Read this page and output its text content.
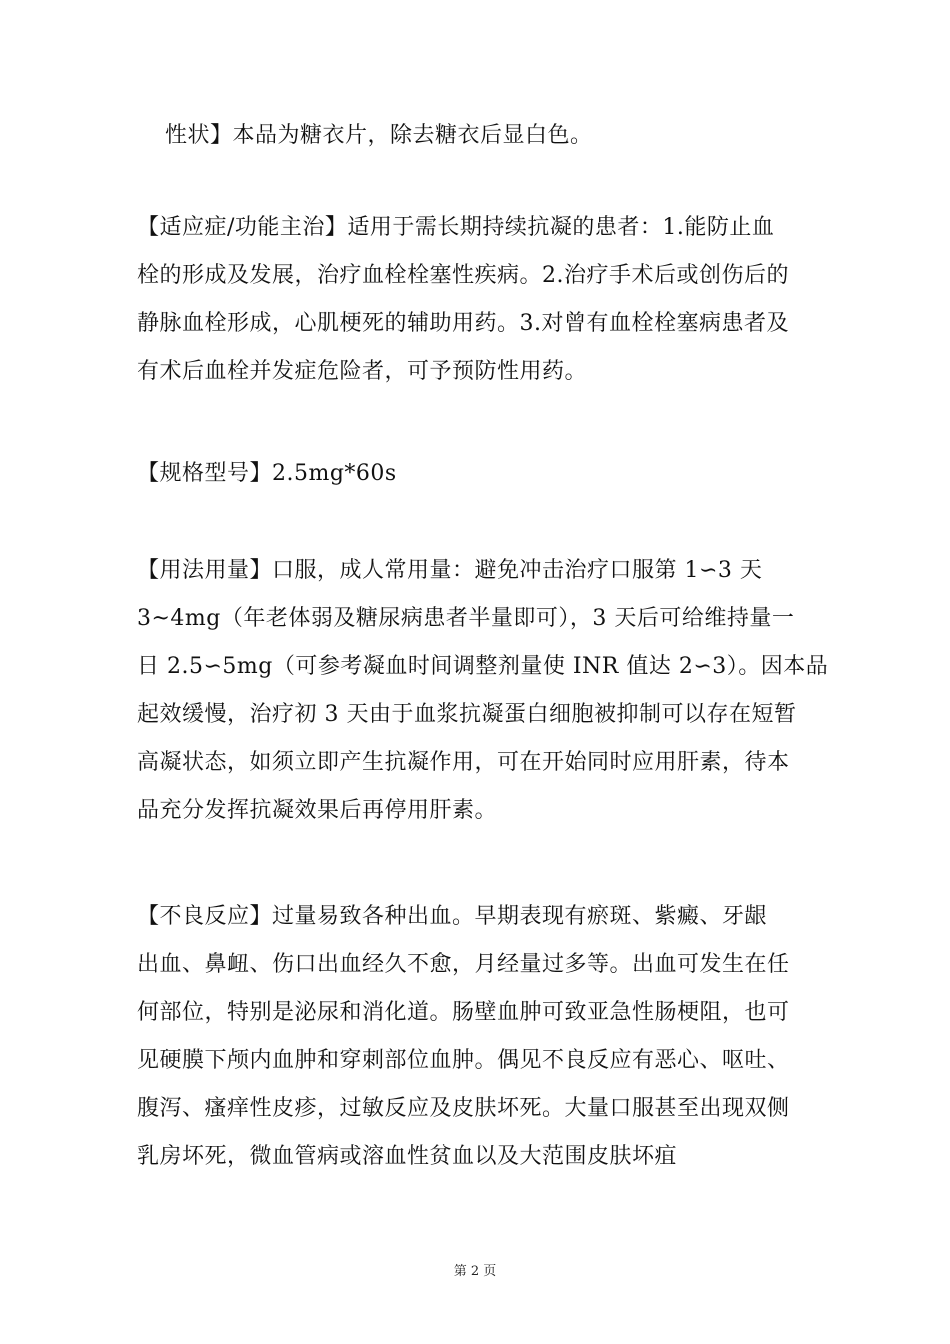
性状】本品为糖衣片，除去糖衣后显白色。
【适应症/功能主治】适用于需长期持续抗凝的患者：1.能防止血
栓的形成及发展，治疗血栓栓塞性疾病。2.治疗手术后或创伤后的
静脉血栓形成，心肌梗死的辅助用药。3.对曾有血栓栓塞病患者及
有术后血栓并发症危险者，可予预防性用药。
【规格型号】2.5mg*60s
【用法用量】口服，成人常用量：避免冲击治疗口服第 1∽3 天
3~4mg（年老体弱及糖尿病患者半量即可），3 天后可给维持量一
日 2.5∽5mg（可参考凝血时间调整剂量使 INR 值达 2∽3）。因本品
起效缓慢，治疗初 3 天由于血浆抗凝蛋白细胞被抑制可以存在短暂
高凝状态，如须立即产生抗凝作用，可在开始同时应用肝素，待本
品充分发挥抗凝效果后再停用肝素。
【不良反应】过量易致各种出血。早期表现有瘀斑、紫癜、牙龈
出血、鼻衄、伤口出血经久不愈，月经量过多等。出血可发生在任
何部位，特别是泌尿和消化道。肠壁血肿可致亚急性肠梗阻，也可
见硬膜下颅内血肿和穿刺部位血肿。偶见不良反应有恶心、呕吐、
腹泻、瘙痒性皮疹，过敏反应及皮肤坏死。大量口服甚至出现双侧
乳房坏死，微血管病或溶血性贫血以及大范围皮肤坏疽
第 2 页
